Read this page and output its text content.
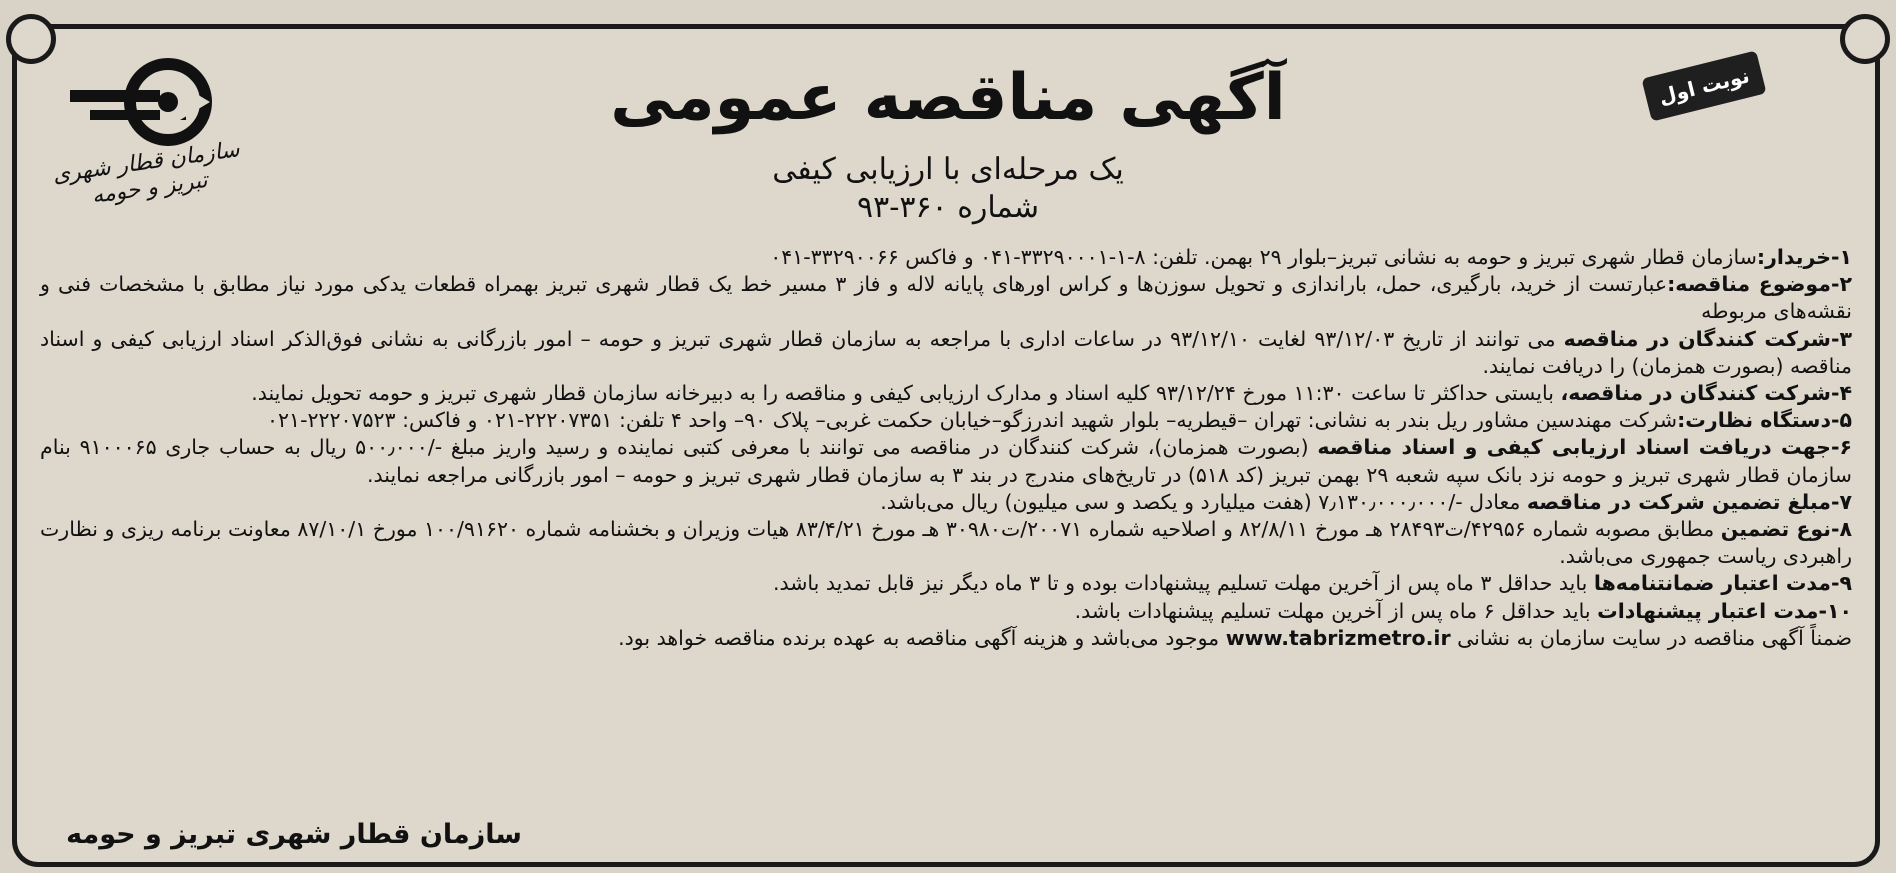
سازمان قطار شهری تبریز و حومه
نوبت اول
آگهی مناقصه عمومی
یک مرحله‌ای با ارزیابی کیفی
شماره ۳۶۰-۹۳

۱-خریدار:سازمان قطار شهری تبریز و حومه به نشانی تبریز–بلوار ۲۹ بهمن. تلفن: ۸-۱-۳۳۲۹۰۰۰۱-۰۴۱ و فاکس ۳۳۲۹۰۰۶۶-۰۴۱

۲-موضوع مناقصه:عبارتست از خرید، بارگیری، حمل، باراندازی و تحویل سوزن‌ها و کراس اورهای پایانه لاله و فاز ۳ مسیر خط یک قطار شهری تبریز بهمراه قطعات یدکی مورد نیاز مطابق با مشخصات فنی و نقشه‌های مربوطه

۳-شرکت کنندگان در مناقصه می توانند از تاریخ ۹۳/۱۲/۰۳ لغایت ۹۳/۱۲/۱۰ در ساعات اداری با مراجعه به سازمان قطار شهری تبریز و حومه – امور بازرگانی به نشانی فوق‌الذکر اسناد ارزیابی کیفی و اسناد مناقصه (بصورت همزمان) را دریافت نمایند.

۴-شرکت کنندگان در مناقصه، بایستی حداکثر تا ساعت ۱۱:۳۰ مورخ ۹۳/۱۲/۲۴ کلیه اسناد و مدارک ارزیابی کیفی و مناقصه را به دبیرخانه سازمان قطار شهری تبریز و حومه تحویل نمایند.

۵-دستگاه نظارت:شرکت مهندسین مشاور ریل بندر به نشانی: تهران –قیطریه– بلوار شهید اندرزگو–خیابان حکمت غربی– پلاک ۹۰– واحد ۴ تلفن: ۲۲۲۰۷۳۵۱-۰۲۱ و فاکس: ۲۲۲۰۷۵۲۳-۰۲۱

۶-جهت دریافت اسناد ارزیابی کیفی و اسناد مناقصه (بصورت همزمان)، شرکت کنندگان در مناقصه می توانند با معرفی کتبی نماینده و رسید واریز مبلغ -/۵۰۰٫۰۰۰ ریال به حساب جاری ۹۱۰۰۰۶۵ بنام سازمان قطار شهری تبریز و حومه نزد بانک سپه شعبه ۲۹ بهمن تبریز (کد ۵۱۸) در تاریخ‌های مندرج در بند ۳ به سازمان قطار شهری تبریز و حومه – امور بازرگانی مراجعه نمایند.

۷-مبلغ تضمین شرکت در مناقصه معادل -/۷٫۱۳۰٫۰۰۰٫۰۰۰ (هفت میلیارد و یکصد و سی میلیون) ریال می‌باشد.

۸-نوع تضمین مطابق مصوبه شماره ۴۲۹۵۶/ت۲۸۴۹۳ هـ مورخ ۸۲/۸/۱۱ و اصلاحیه شماره ۲۰۰۷۱/ت۳۰۹۸۰ هـ مورخ ۸۳/۴/۲۱ هیات وزیران و بخشنامه شماره ۱۰۰/۹۱۶۲۰ مورخ ۸۷/۱۰/۱ معاونت برنامه ریزی و نظارت راهبردی ریاست جمهوری می‌باشد.

۹-مدت اعتبار ضمانتنامه‌ها باید حداقل ۳ ماه پس از آخرین مهلت تسلیم پیشنهادات بوده و تا ۳ ماه دیگر نیز قابل تمدید باشد.

۱۰-مدت اعتبار پیشنهادات باید حداقل ۶ ماه پس از آخرین مهلت تسلیم پیشنهادات باشد.

ضمناً آگهی مناقصه در سایت سازمان به نشانی www.tabrizmetro.ir موجود می‌باشد و هزینه آگهی مناقصه به عهده برنده مناقصه خواهد بود.

سازمان قطار شهری تبریز و حومه
